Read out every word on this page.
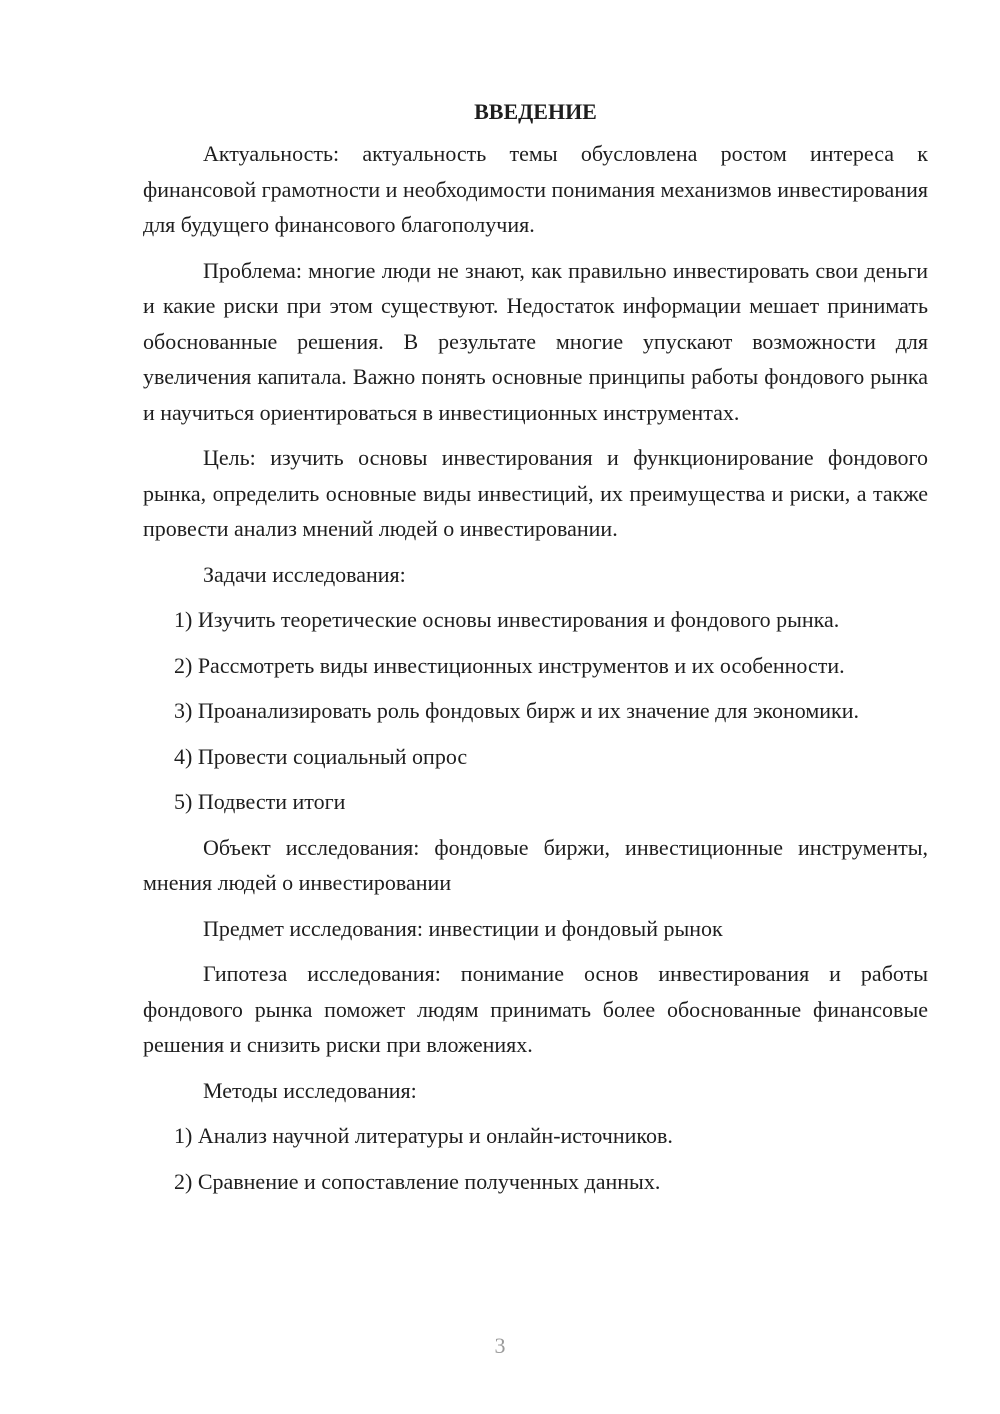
ВВЕДЕНИЕ

Актуальность: актуальность темы обусловлена ростом интереса к финансовой грамотности и необходимости понимания механизмов инвестирования для будущего финансового благополучия.

Проблема: многие люди не знают, как правильно инвестировать свои деньги и какие риски при этом существуют. Недостаток информации мешает принимать обоснованные решения. В результате многие упускают возможности для увеличения капитала. Важно понять основные принципы работы фондового рынка и научиться ориентироваться в инвестиционных инструментах.

Цель: изучить основы инвестирования и функционирование фондового рынка, определить основные виды инвестиций, их преимущества и риски, а также провести анализ мнений людей о инвестировании.

Задачи исследования:

1) Изучить теоретические основы инвестирования и фондового рынка.

2) Рассмотреть виды инвестиционных инструментов и их особенности.

3) Проанализировать роль фондовых бирж и их значение для экономики.

4) Провести социальный опрос

5) Подвести итоги

Объект исследования: фондовые биржи, инвестиционные инструменты, мнения людей о инвестировании

Предмет исследования: инвестиции и фондовый рынок

Гипотеза исследования: понимание основ инвестирования и работы фондового рынка поможет людям принимать более обоснованные финансовые решения и снизить риски при вложениях.

Методы исследования:

1) Анализ научной литературы и онлайн-источников.

2) Сравнение и сопоставление полученных данных.

3
